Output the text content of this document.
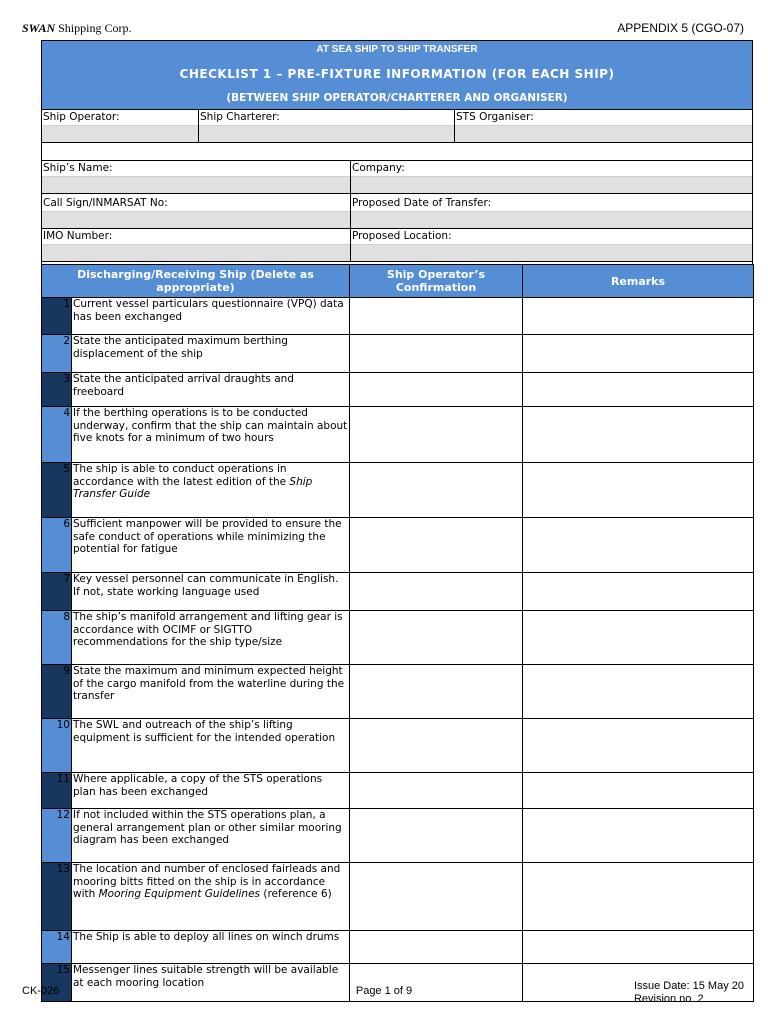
SWAN Shipping Corp.	APPENDIX 5 (CGO-07)
AT SEA SHIP TO SHIP TRANSFER
CHECKLIST 1 – PRE-FIXTURE INFORMATION (FOR EACH SHIP)
(BETWEEN SHIP OPERATOR/CHARTERER AND ORGANISER)
Ship Operator:	Ship Charterer:	STS Organiser:
Ship’s Name:	Company:
Call Sign/INMARSAT No:	Proposed Date of Transfer:
IMO Number:	Proposed Location:
Discharging/Receiving Ship (Delete as appropriate)		Ship Operator’s Confirmation	Remarks

1	Current vessel particulars questionnaire (VPQ) data has been exchanged		

2	State the anticipated maximum berthing displacement of the ship		

3	State the anticipated arrival draughts and freeboard		

4	If the berthing operations is to be conducted underway, confirm that the ship can maintain about five knots for a minimum of two hours		

5	The ship is able to conduct operations in accordance with the latest edition of the Ship Transfer Guide		

6	Sufficient manpower will be provided to ensure the safe conduct of operations while minimizing the potential for fatigue		

7	Key vessel personnel can communicate in English. If not, state working language used		

8	The ship’s manifold arrangement and lifting gear is accordance with OCIMF or SIGTTO recommendations for the ship type/size		

9	State the maximum and minimum expected height of the cargo manifold from the waterline during the transfer		

10	The SWL and outreach of the ship’s lifting equipment is sufficient for the intended operation		

11	Where applicable, a copy of the STS operations plan has been exchanged		

12	If not included within the STS operations plan, a general arrangement plan or other similar mooring diagram has been exchanged		

13	The location and number of enclosed fairleads and mooring bitts fitted on the ship is in accordance with Mooring Equipment Guidelines (reference 6)		

14	The Ship is able to deploy all lines on winch drums		

15	Messenger lines suitable strength will be available at each mooring location		
CK-026	Page 1 of 9	Issue Date: 15 May 20
Revision no. 2
